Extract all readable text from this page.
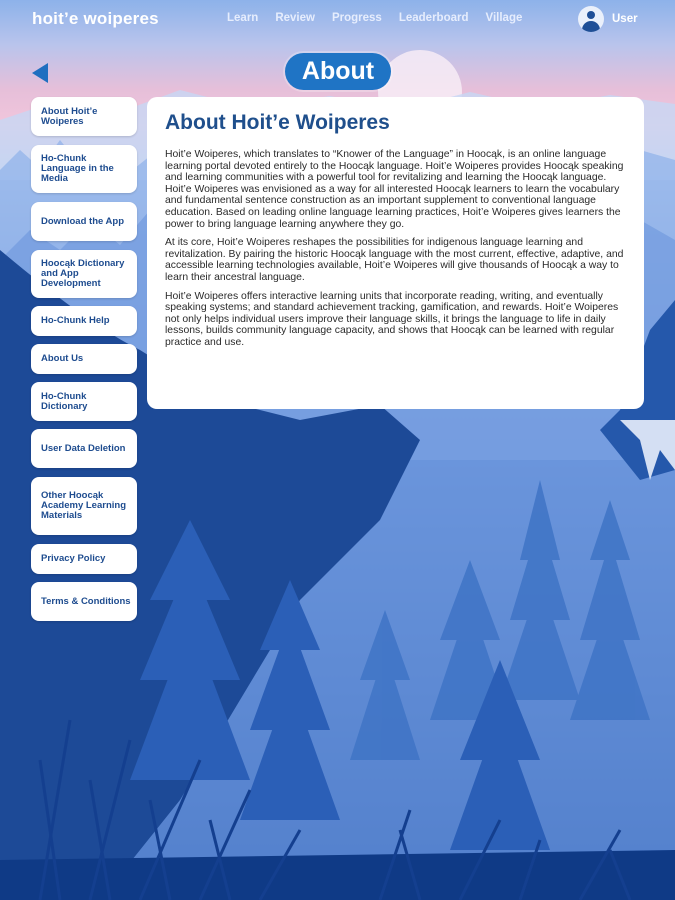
hoit’e woiperes	Learn Review Progress Leaderboard Village	User
About
About Hoit’e Woiperes
Ho-Chunk Language in the Media
Download the App
Hoocąk Dictionary and App Development
Ho-Chunk Help
About Us
Ho-Chunk Dictionary
User Data Deletion
Other Hoocąk Academy Learning Materials
Privacy Policy
Terms & Conditions
About Hoit’e Woiperes

Hoit’e Woiperes, which translates to “Knower of the Language” in Hoocąk, is an online language learning portal devoted entirely to the Hoocąk language. Hoit’e Woiperes provides Hoocąk speaking and learning communities with a powerful tool for revitalizing and learning the Hoocąk language. Hoit’e Woiperes was envisioned as a way for all interested Hoocąk learners to learn the vocabulary and fundamental sentence construction as an important supplement to conventional language education. Based on leading online language learning practices, Hoit’e Woiperes gives learners the power to bring language learning anywhere they go.

At its core, Hoit’e Woiperes reshapes the possibilities for indigenous language learning and revitalization. By pairing the historic Hoocąk language with the most current, effective, adaptive, and accessible learning technologies available, Hoit’e Woiperes will give thousands of Hoocąk a way to learn their ancestral language.

Hoit’e Woiperes offers interactive learning units that incorporate reading, writing, and eventually speaking systems; and standard achievement tracking, gamification, and rewards. Hoit’e Woiperes not only helps individual users improve their language skills, it brings the language to life in daily lessons, builds community language capacity, and shows that Hoocąk can be learned with regular practice and use.
